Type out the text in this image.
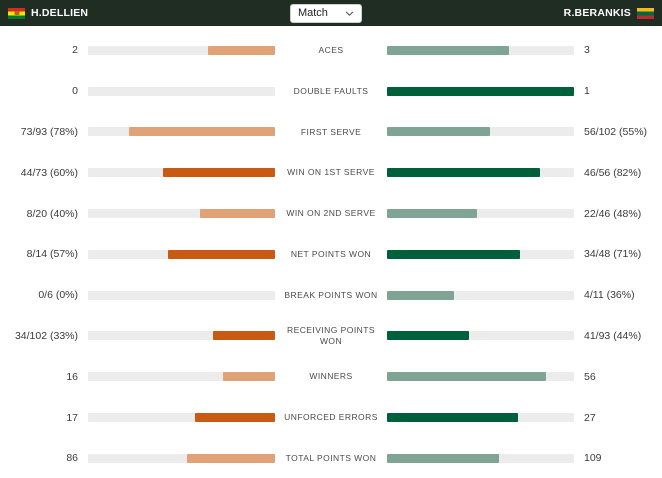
H.DELLIEN	Match	R.BERANKIS
2	ACES	3
0	DOUBLE FAULTS	1
73/93 (78%)	FIRST SERVE	56/102 (55%)
44/73 (60%)	WIN ON 1ST SERVE	46/56 (82%)
8/20 (40%)	WIN ON 2ND SERVE	22/46 (48%)
8/14 (57%)	NET POINTS WON	34/48 (71%)
0/6 (0%)	BREAK POINTS WON	4/11 (36%)
34/102 (33%)	RECEIVING POINTS WON	41/93 (44%)
16	WINNERS	56
17	UNFORCED ERRORS	27
86	TOTAL POINTS WON	109
